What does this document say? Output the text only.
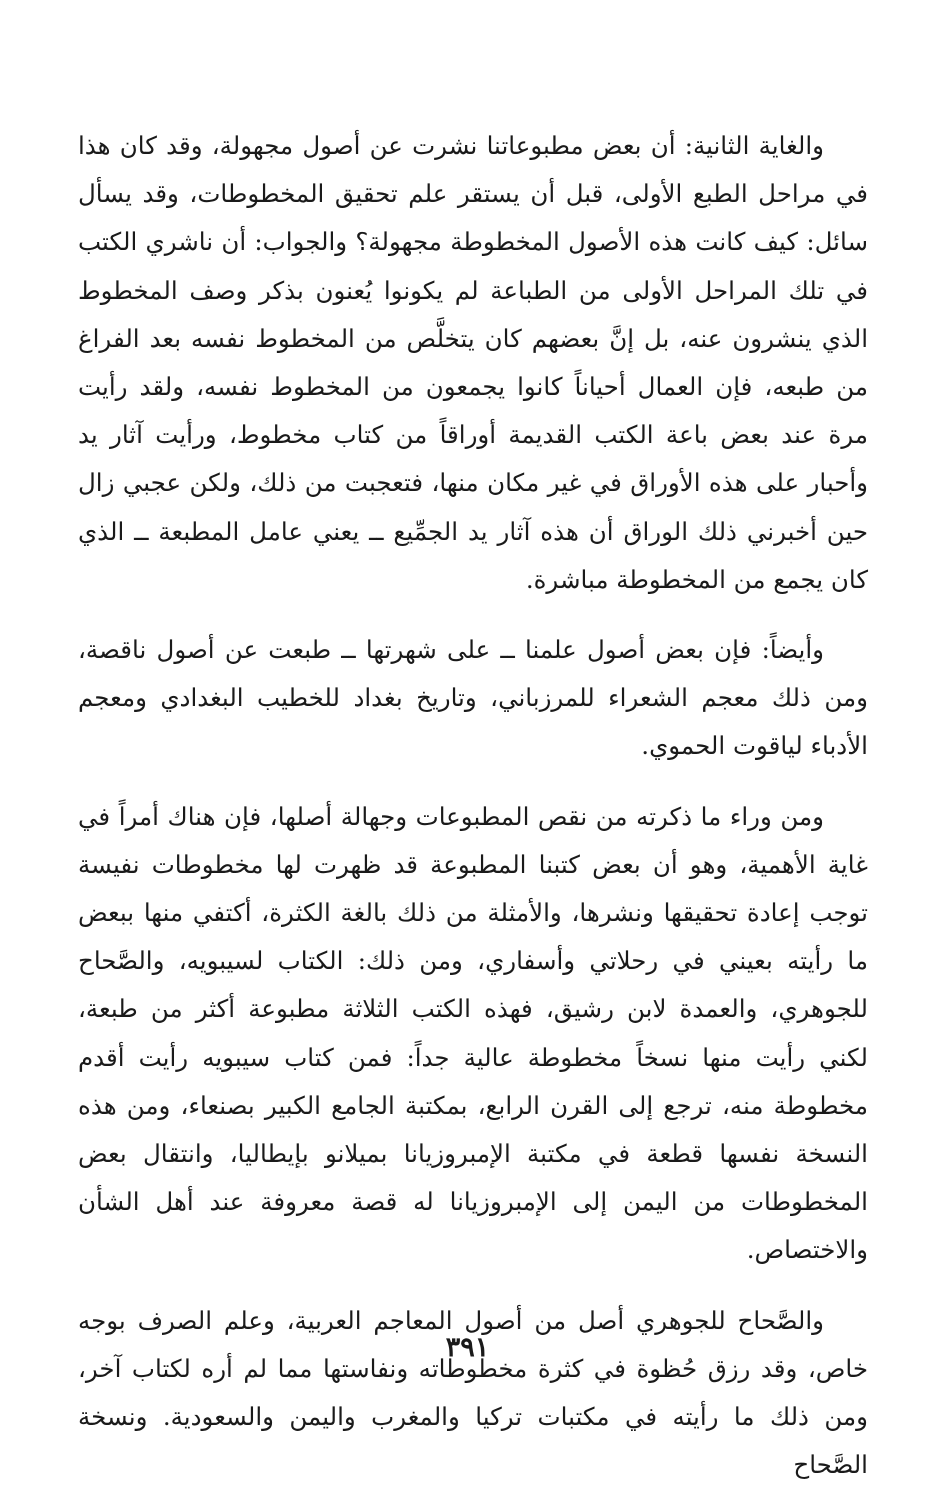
والغاية الثانية: أن بعض مطبوعاتنا نشرت عن أصول مجهولة، وقد كان هذا في مراحل الطبع الأولى، قبل أن يستقر علم تحقيق المخطوطات، وقد يسأل سائل: كيف كانت هذه الأصول المخطوطة مجهولة؟ والجواب: أن ناشري الكتب في تلك المراحل الأولى من الطباعة لم يكونوا يُعنون بذكر وصف المخطوط الذي ينشرون عنه، بل إنَّ بعضهم كان يتخلَّص من المخطوط نفسه بعد الفراغ من طبعه، فإن العمال أحياناً كانوا يجمعون من المخطوط نفسه، ولقد رأيت مرة عند بعض باعة الكتب القديمة أوراقاً من كتاب مخطوط، ورأيت آثار يد وأحبار على هذه الأوراق في غير مكان منها، فتعجبت من ذلك، ولكن عجبي زال حين أخبرني ذلك الوراق أن هذه آثار يد الجمِّيع ــ يعني عامل المطبعة ــ الذي كان يجمع من المخطوطة مباشرة.

وأيضاً: فإن بعض أصول علمنا ــ على شهرتها ــ طبعت عن أصول ناقصة، ومن ذلك معجم الشعراء للمرزباني، وتاريخ بغداد للخطيب البغدادي ومعجم الأدباء لياقوت الحموي.

ومن وراء ما ذكرته من نقص المطبوعات وجهالة أصلها، فإن هناك أمراً في غاية الأهمية، وهو أن بعض كتبنا المطبوعة قد ظهرت لها مخطوطات نفيسة توجب إعادة تحقيقها ونشرها، والأمثلة من ذلك بالغة الكثرة، أكتفي منها ببعض ما رأيته بعيني في رحلاتي وأسفاري، ومن ذلك: الكتاب لسيبويه، والصَّحاح للجوهري، والعمدة لابن رشيق، فهذه الكتب الثلاثة مطبوعة أكثر من طبعة، لكني رأيت منها نسخاً مخطوطة عالية جداً: فمن كتاب سيبويه رأيت أقدم مخطوطة منه، ترجع إلى القرن الرابع، بمكتبة الجامع الكبير بصنعاء، ومن هذه النسخة نفسها قطعة في مكتبة الإمبروزيانا بميلانو بإيطاليا، وانتقال بعض المخطوطات من اليمن إلى الإمبروزيانا له قصة معروفة عند أهل الشأن والاختصاص.

والصَّحاح للجوهري أصل من أصول المعاجم العربية، وعلم الصرف بوجه خاص، وقد رزق حُظوة في كثرة مخطوطاته ونفاستها مما لم أره لكتاب آخر، ومن ذلك ما رأيته في مكتبات تركيا والمغرب واليمن والسعودية. ونسخة الصَّحاح

٣٩١
